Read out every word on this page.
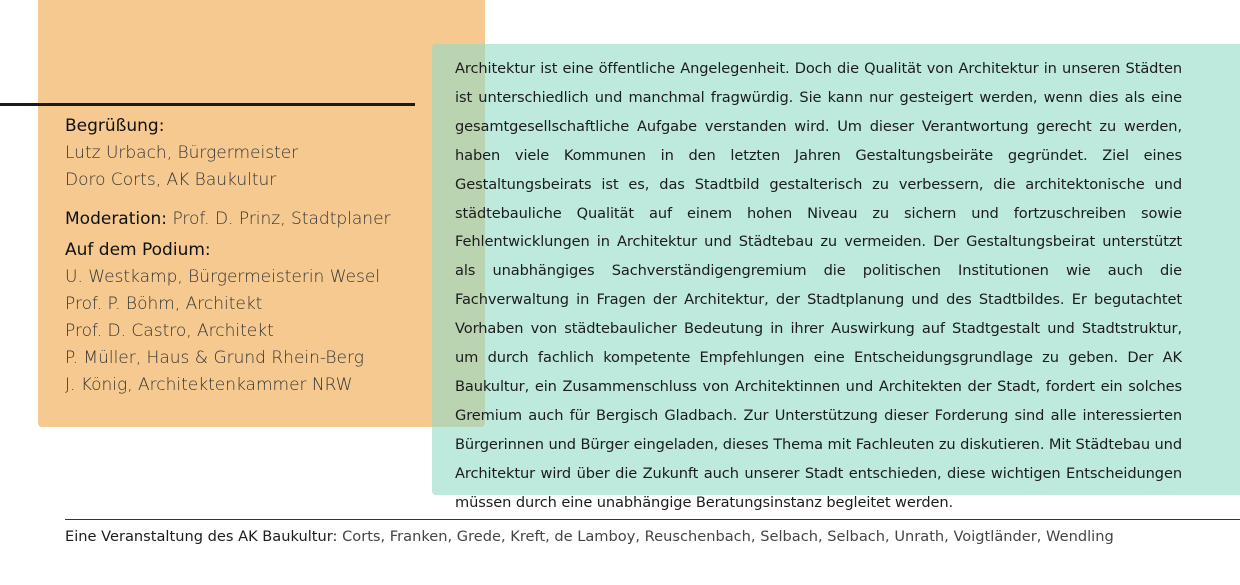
Begrüßung:
Lutz Urbach, Bürgermeister
Doro Corts, AK Baukultur
Moderation: Prof. D. Prinz, Stadtplaner
Auf dem Podium:
U. Westkamp, Bürgermeisterin Wesel
Prof. P. Böhm, Architekt
Prof. D. Castro, Architekt
P. Müller, Haus & Grund Rhein-Berg
J. König, Architektenkammer NRW
Architektur ist eine öffentliche Angelegenheit. Doch die Qualität von Architektur in unseren Städten ist unterschiedlich und manchmal fragwürdig. Sie kann nur gesteigert werden, wenn dies als eine gesamtgesellschaftliche Aufgabe verstanden wird. Um dieser Verantwortung gerecht zu werden, haben viele Kommunen in den letzten Jahren Gestaltungsbeiräte gegründet. Ziel eines Gestaltungsbeirats ist es, das Stadtbild gestalterisch zu verbessern, die architektonische und städtebauliche Qualität auf einem hohen Niveau zu sichern und fortzuschreiben sowie Fehlentwicklungen in Architektur und Städtebau zu vermeiden. Der Gestaltungsbeirat unterstützt als unabhängiges Sachverständigengremium die politischen Institutionen wie auch die Fachverwaltung in Fragen der Architektur, der Stadtplanung und des Stadtbildes. Er begutachtet Vorhaben von städtebaulicher Bedeutung in ihrer Auswirkung auf Stadtgestalt und Stadtstruktur, um durch fachlich kompetente Empfehlungen eine Entscheidungsgrundlage zu geben. Der AK Baukultur, ein Zusammenschluss von Architektinnen und Architekten der Stadt, fordert ein solches Gremium auch für Bergisch Gladbach. Zur Unterstützung dieser Forderung sind alle interessierten Bürgerinnen und Bürger eingeladen, dieses Thema mit Fachleuten zu diskutieren. Mit Städtebau und Architektur wird über die Zukunft auch unserer Stadt entschieden, diese wichtigen Entscheidungen müssen durch eine unabhängige Beratungsinstanz begleitet werden.
Eine Veranstaltung des AK Baukultur: Corts, Franken, Grede, Kreft, de Lamboy, Reuschenbach, Selbach, Selbach, Unrath, Voigtländer, Wendling
